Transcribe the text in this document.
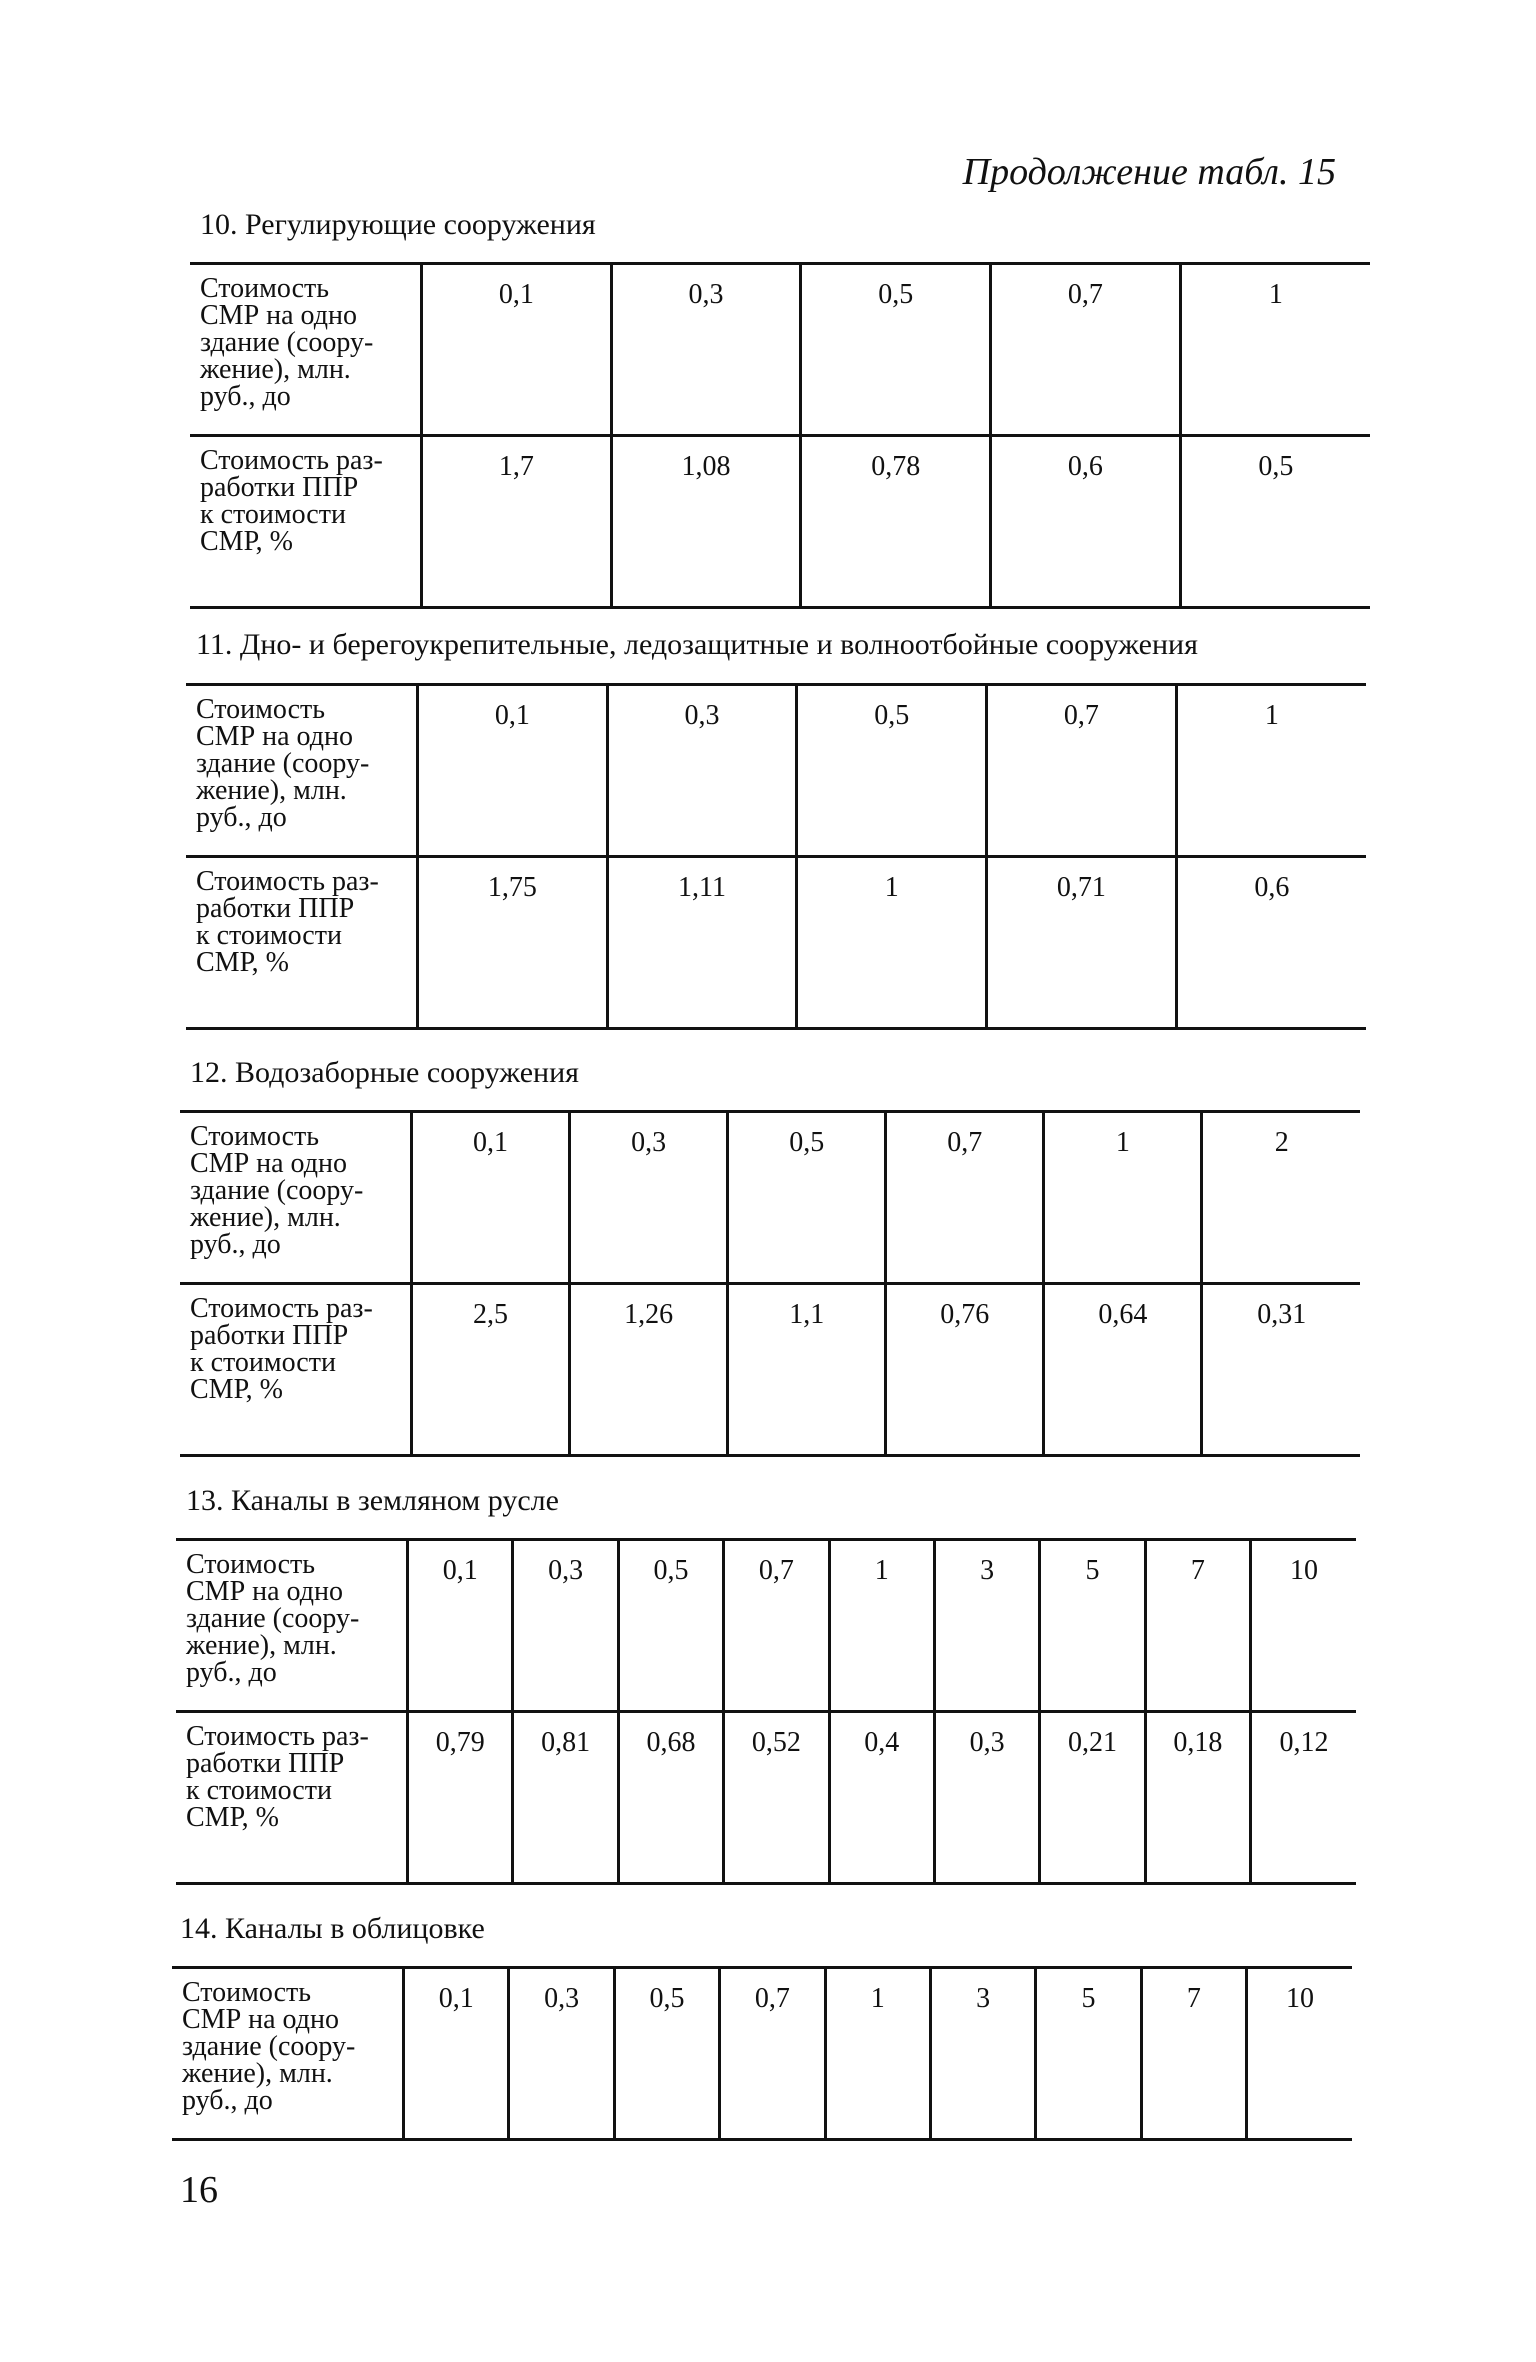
Продолжение табл. 15
10. Регулирующие сооружения
Стоимость
СМР на одно
здание (соору-
жение), млн.
руб., до	0,1	0,3	0,5	0,7	1
Стоимость раз-
работки ППР
к стоимости
СМР, %	1,7	1,08	0,78	0,6	0,5
11. Дно- и берегоукрепительные, ледозащитные и волноотбойные сооружения
Стоимость
СМР на одно
здание (соору-
жение), млн.
руб., до	0,1	0,3	0,5	0,7	1
Стоимость раз-
работки ППР
к стоимости
СМР, %	1,75	1,11	1	0,71	0,6
12. Водозаборные сооружения
Стоимость
СМР на одно
здание (соору-
жение), млн.
руб., до	0,1	0,3	0,5	0,7	1	2
Стоимость раз-
работки ППР
к стоимости
СМР, %	2,5	1,26	1,1	0,76	0,64	0,31
13. Каналы в земляном русле
Стоимость
СМР на одно
здание (соору-
жение), млн.
руб., до	0,1	0,3	0,5	0,7	1	3	5	7	10
Стоимость раз-
работки ППР
к стоимости
СМР, %	0,79	0,81	0,68	0,52	0,4	0,3	0,21	0,18	0,12
14. Каналы в облицовке
Стоимость
СМР на одно
здание (соору-
жение), млн.
руб., до	0,1	0,3	0,5	0,7	1	3	5	7	10
16
